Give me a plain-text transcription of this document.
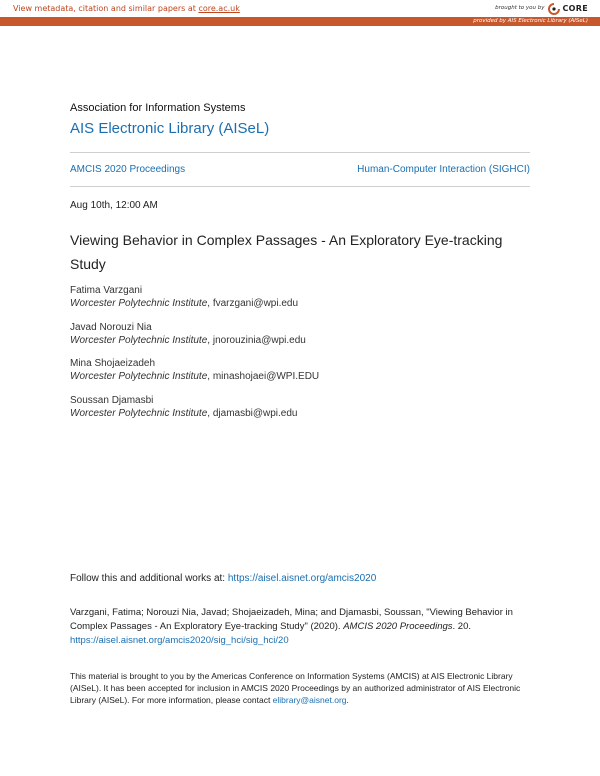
View metadata, citation and similar papers at core.ac.uk	brought to you by CORE
provided by AIS Electronic Library (AISeL)
Association for Information Systems
AIS Electronic Library (AISeL)
AMCIS 2020 Proceedings	Human-Computer Interaction (SIGHCI)
Aug 10th, 12:00 AM
Viewing Behavior in Complex Passages - An Exploratory Eye-tracking Study
Fatima Varzgani
Worcester Polytechnic Institute, fvarzgani@wpi.edu
Javad Norouzi Nia
Worcester Polytechnic Institute, jnorouzinia@wpi.edu
Mina Shojaeizadeh
Worcester Polytechnic Institute, minashojaei@WPI.EDU
Soussan Djamasbi
Worcester Polytechnic Institute, djamasbi@wpi.edu
Follow this and additional works at: https://aisel.aisnet.org/amcis2020
Varzgani, Fatima; Norouzi Nia, Javad; Shojaeizadeh, Mina; and Djamasbi, Soussan, "Viewing Behavior in Complex Passages - An Exploratory Eye-tracking Study" (2020). AMCIS 2020 Proceedings. 20.
https://aisel.aisnet.org/amcis2020/sig_hci/sig_hci/20
This material is brought to you by the Americas Conference on Information Systems (AMCIS) at AIS Electronic Library (AISeL). It has been accepted for inclusion in AMCIS 2020 Proceedings by an authorized administrator of AIS Electronic Library (AISeL). For more information, please contact elibrary@aisnet.org.
